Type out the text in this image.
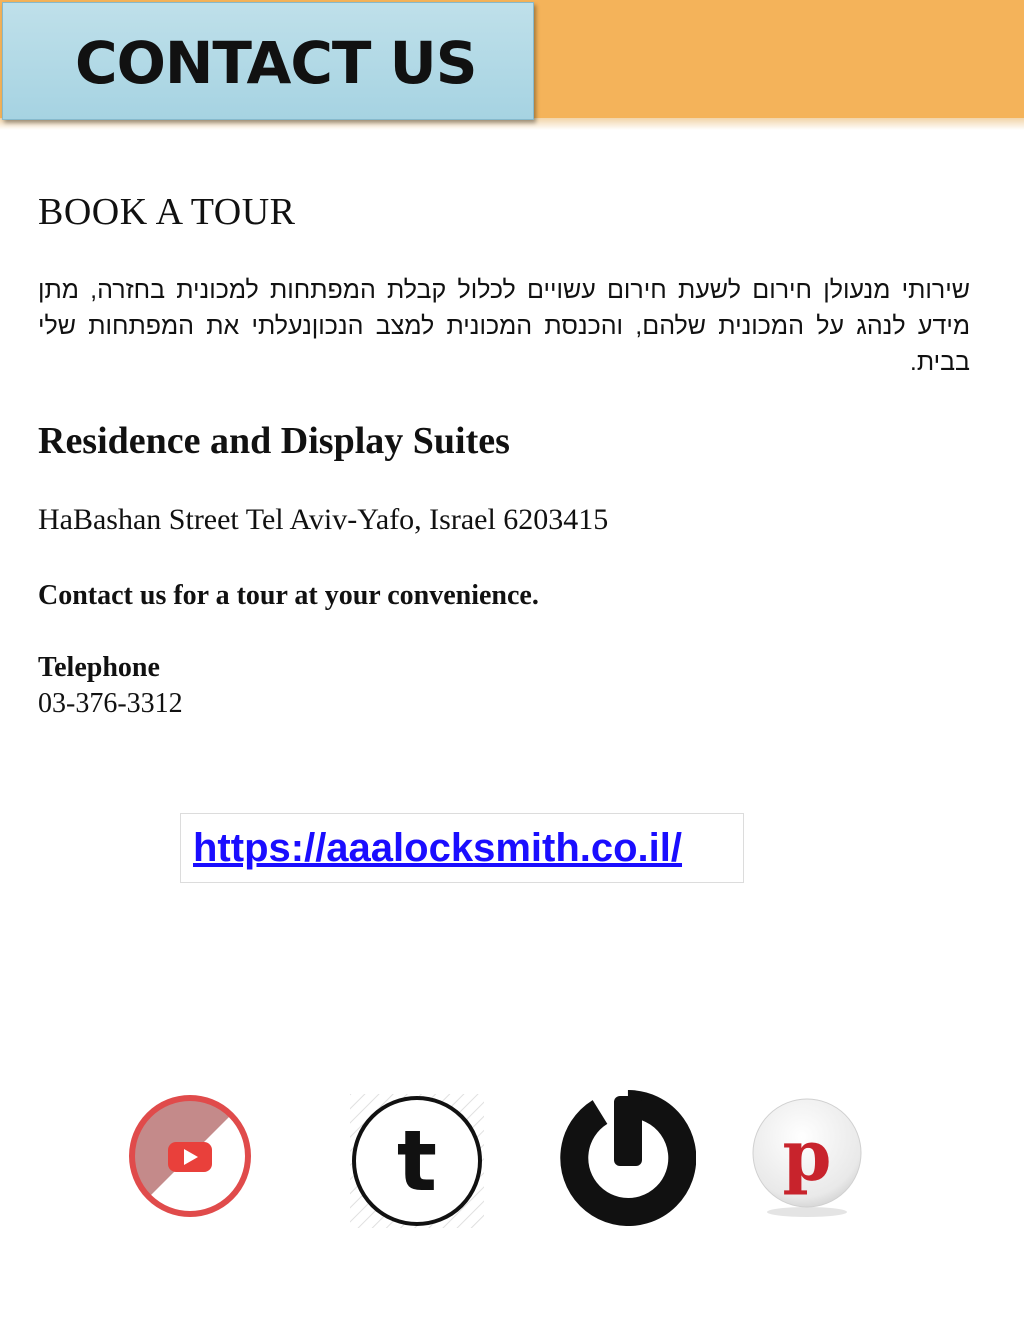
CONTACT US
BOOK A TOUR

שירותי מנעולן חירום לשעת חירום עשויים לכלול קבלת המפתחות למכונית בחזרה, מתן מידע לנהג על המכונית שלהם, והכנסת המכונית למצב הנכוןנעלתי את המפתחות שלי בבית.

Residence and Display Suites

HaBashan Street Tel Aviv-Yafo, Israel 6203415

Contact us for a tour at your convenience.

Telephone

03-376-3312

https://aaalocksmith.co.il/
t	p
